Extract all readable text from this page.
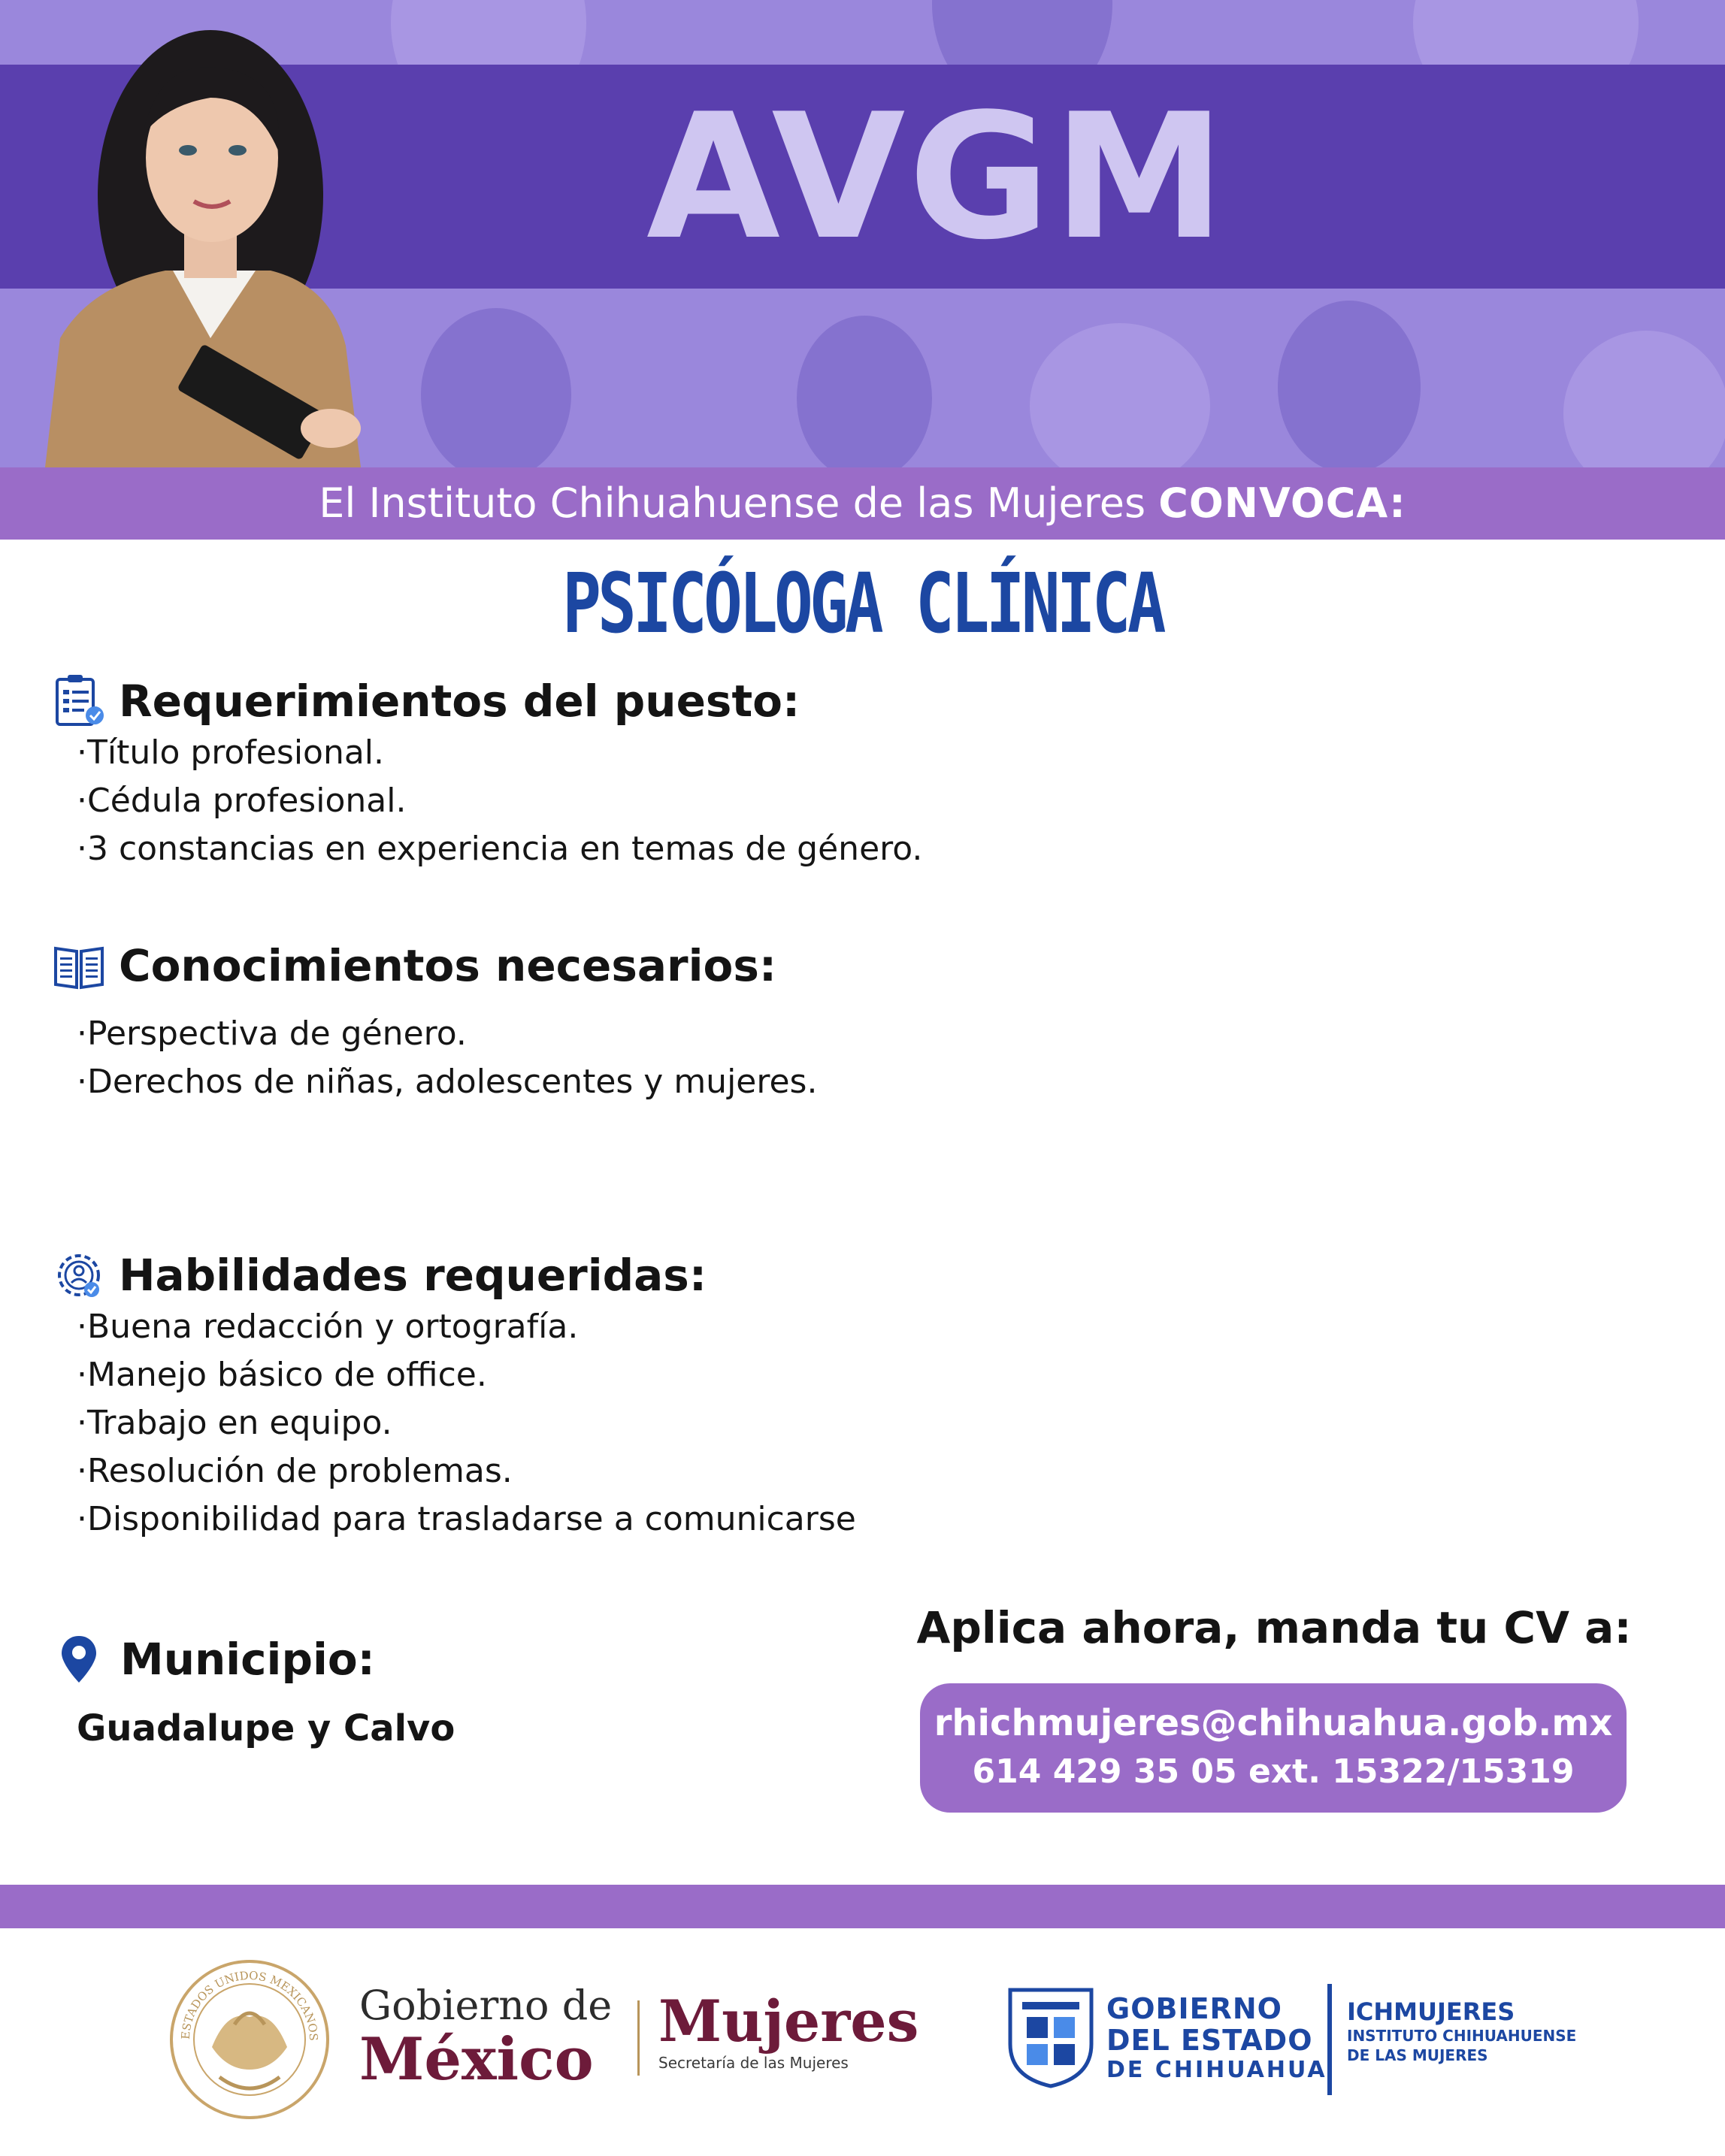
AVGM
El Instituto Chihuahuense de las Mujeres CONVOCA:
PSICÓLOGA CLÍNICA
Requerimientos del puesto:
·Título profesional.
·Cédula profesional.
·3 constancias en experiencia en temas de género.
Conocimientos necesarios:
·Perspectiva de género.
·Derechos de niñas, adolescentes y mujeres.
Habilidades requeridas:
·Buena redacción y ortografía.
·Manejo básico de office.
·Trabajo en equipo.
·Resolución de problemas.
·Disponibilidad para trasladarse a comunicarse
Municipio:
Guadalupe y Calvo
Aplica ahora, manda tu CV a:
rhichmujeres@chihuahua.gob.mx
614 429 35 05 ext. 15322/15319
ESTADOS UNIDOS MEXICANOS
Gobierno de
México
Mujeres
Secretaría de las Mujeres
GOBIERNO
DEL ESTADO
DE CHIHUAHUA
ICHMUJERES
INSTITUTO CHIHUAHUENSE
DE LAS MUJERES
